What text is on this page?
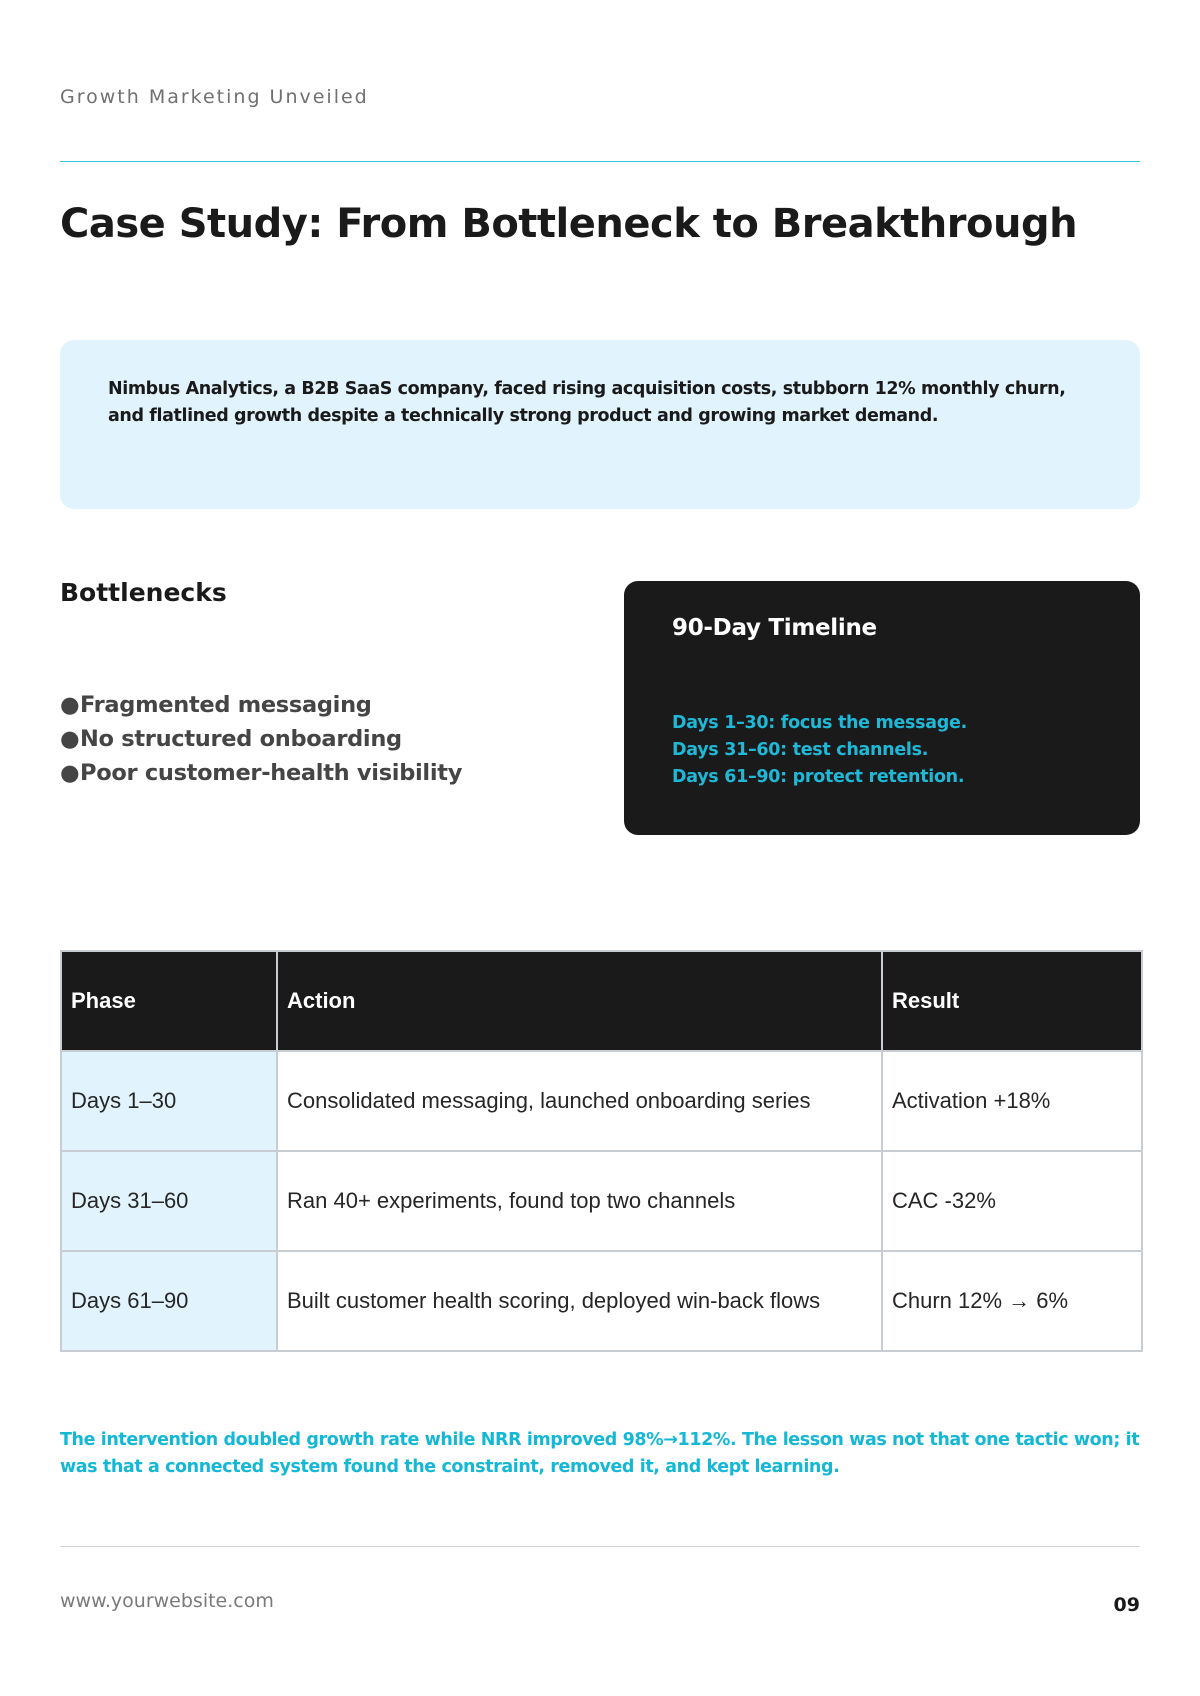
Growth Marketing Unveiled
Case Study: From Bottleneck to Breakthrough
Nimbus Analytics, a B2B SaaS company, faced rising acquisition costs, stubborn 12% monthly churn, and flatlined growth despite a technically strong product and growing market demand.
Bottlenecks
●Fragmented messaging
●No structured onboarding
●Poor customer-health visibility
90-Day Timeline
Days 1–30: focus the message.
Days 31–60: test channels.
Days 61–90: protect retention.
Phase	Action	Result
Days 1–30	Consolidated messaging, launched onboarding series	Activation +18%
Days 31–60	Ran 40+ experiments, found top two channels	CAC -32%
Days 61–90	Built customer health scoring, deployed win-back flows	Churn 12% → 6%
The intervention doubled growth rate while NRR improved 98%→112%. The lesson was not that one tactic won; it was that a connected system found the constraint, removed it, and kept learning.
www.yourwebsite.com	09
